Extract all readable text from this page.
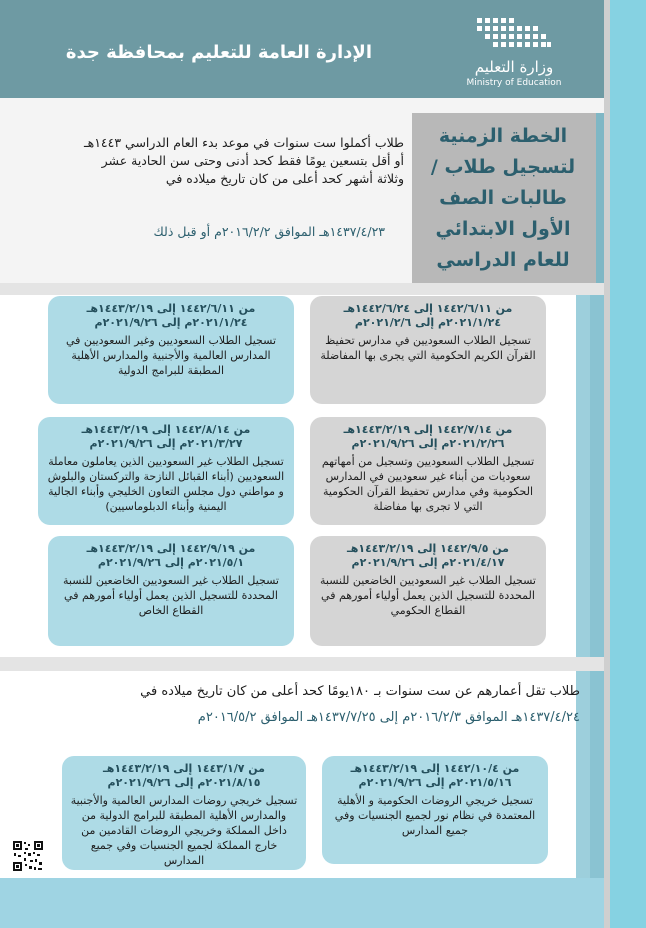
وزارة التعليم
Ministry of Education
الإدارة العامة للتعليم بمحافظة جدة
الخطة الزمنية لتسجيل طلاب / طالبات الصف الأول الابتدائي للعام الدراسي
طلاب أكملوا ست سنوات في موعد بدء العام الدراسي ١٤٤٣هـ
أو أقل بتسعين يومًا فقط كحد أدنى وحتى سن الحادية عشر
وثلاثة أشهر كحد أعلى من كان تاريخ ميلاده في
١٤٣٧/٤/٢٣هـ الموافق ٢٠١٦/٢/٢م أو قبل ذلك
من ١٤٤٢/٦/١١ إلى ١٤٤٢/٦/٢٤هـ
٢٠٢١/١/٢٤م إلى ٢٠٢١/٢/٦م
تسجيل الطلاب السعوديين في مدارس تحفيظ القرآن الكريم الحكومية التي يجرى بها المفاضلة
من ١٤٤٢/٦/١١ إلى ١٤٤٣/٢/١٩هـ
٢٠٢١/١/٢٤م إلى ٢٠٢١/٩/٢٦م
تسجيل الطلاب السعوديين وغير السعوديين في المدارس العالمية والأجنبية والمدارس الأهلية المطبقة للبرامج الدولية
من ١٤٤٢/٧/١٤ إلى ١٤٤٣/٢/١٩هـ
٢٠٢١/٢/٢٦م إلى ٢٠٢١/٩/٢٦م
تسجيل الطلاب السعوديين وتسجيل من أمهاتهم سعوديات من أبناء غير سعوديين في المدارس الحكومية وفي مدارس تحفيظ القرآن الحكومية التي لا تجرى بها مفاضلة
من ١٤٤٢/٨/١٤ إلى ١٤٤٣/٢/١٩هـ
٢٠٢١/٣/٢٧م إلى ٢٠٢١/٩/٢٦م
تسجيل الطلاب غير السعوديين الذين يعاملون معاملة السعوديين (أبناء القبائل النازحة والتركستان والبلوش و مواطني دول مجلس التعاون الخليجي وأبناء الجالية اليمنية وأبناء الدبلوماسيين)
من ١٤٤٢/٩/٥ إلى ١٤٤٣/٢/١٩هـ
٢٠٢١/٤/١٧م إلى ٢٠٢١/٩/٢٦م
تسجيل الطلاب غير السعوديين الخاضعين للنسبة المحددة للتسجيل الذين يعمل أولياء أمورهم في القطاع الحكومي
من ١٤٤٢/٩/١٩ إلى ١٤٤٣/٢/١٩هـ
٢٠٢١/٥/١م إلى ٢٠٢١/٩/٢٦م
تسجيل الطلاب غير السعوديين الخاضعين للنسبة المحددة للتسجيل الذين يعمل أولياء أمورهم في القطاع الخاص
طلاب تقل أعمارهم عن ست سنوات بـ ١٨٠يومًا كحد أعلى من كان تاريخ ميلاده في
١٤٣٧/٤/٢٤هـ الموافق ٢٠١٦/٢/٣م إلى ١٤٣٧/٧/٢٥هـ الموافق ٢٠١٦/٥/٢م
من ١٤٤٢/١٠/٤ إلى ١٤٤٣/٢/١٩هـ
٢٠٢١/٥/١٦م إلى ٢٠٢١/٩/٢٦م
تسجيل خريجي الروضات الحكومية و الأهلية المعتمدة في نظام نور لجميع الجنسيات وفي جميع المدارس
من ١٤٤٣/١/٧ إلى ١٤٤٣/٢/١٩هـ
٢٠٢١/٨/١٥م إلى ٢٠٢١/٩/٢٦م
تسجيل خريجي روضات المدارس العالمية والأجنبية والمدارس الأهلية المطبقة للبرامج الدولية من داخل المملكة وخريجي الروضات القادمين من خارج المملكة لجميع الجنسيات وفي جميع المدارس
